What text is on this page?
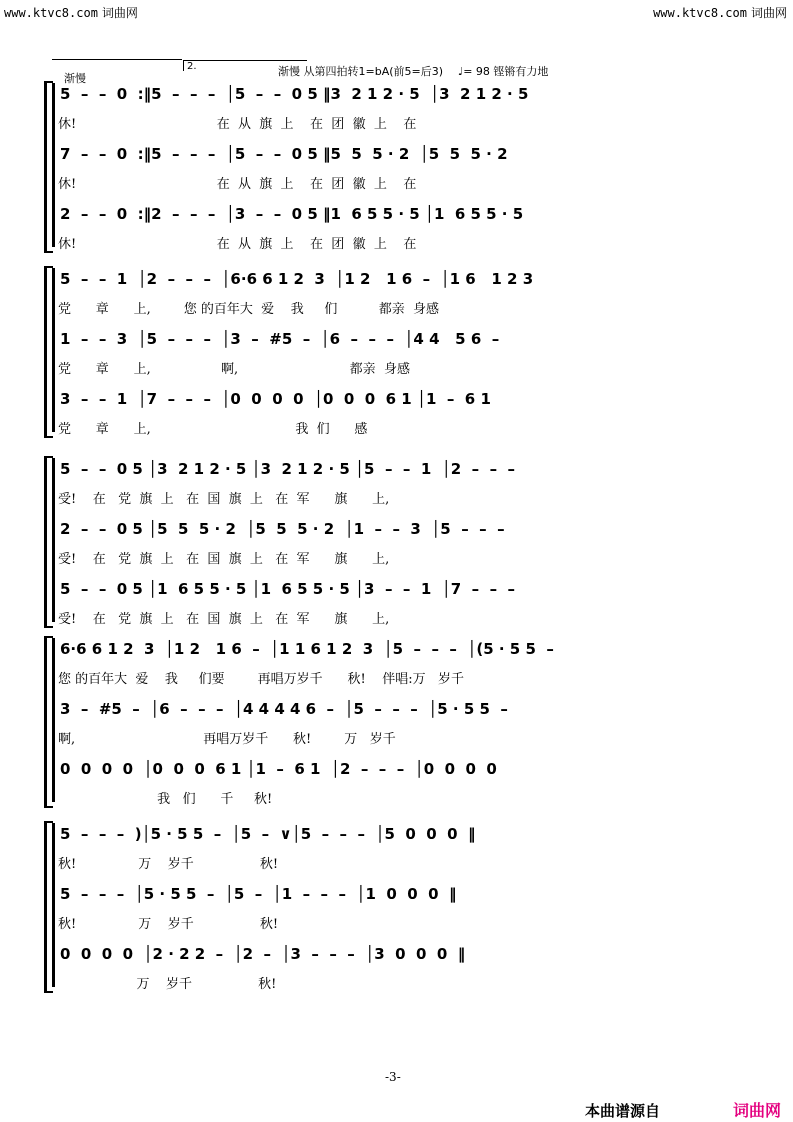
www.ktvc8.com 词曲网	www.ktvc8.com 词曲网
2.
渐慢
渐慢 从第四拍转1=bA(前5=后3) ♩= 98 铿锵有力地
5  –  –  0  :‖5  –  –  –  │5  –  –  0 5 ‖3  2 1 2 · 5  │3  2 1 2 · 5
休!                                  在  从  旗  上    在  团  徽  上    在
7  –  –  0  :‖5  –  –  –  │5  –  –  0 5 ‖5  5  5 · 2  │5  5  5 · 2
休!                                  在  从  旗  上    在  团  徽  上    在
2  –  –  0  :‖2  –  –  –  │3  –  –  0 5 ‖1  6 5 5 · 5 │1  6 5 5 · 5
休!                                  在  从  旗  上    在  团  徽  上    在
5  –  –  1  │2  –  –  –  │6·6 6 1 2  3  │1 2   1 6  –  │1 6   1 2 3
党      章      上,        您 的百年大  爱    我     们          都亲  身感
1  –  –  3  │5  –  –  –  │3  –  #5  –  │6  –  –  –  │4 4   5 6  –
党      章      上,                 啊,                           都亲  身感
3  –  –  1  │7  –  –  –  │0  0  0  0  │0  0  0  6 1 │1  –  6 1
党      章      上,                                   我  们      感
5  –  –  0 5 │3  2 1 2 · 5 │3  2 1 2 · 5 │5  –  –  1  │2  –  –  –
受!    在   党  旗  上   在  国  旗  上   在  军      旗      上,
2  –  –  0 5 │5  5  5 · 2  │5  5  5 · 2  │1  –  –  3  │5  –  –  –
受!    在   党  旗  上   在  国  旗  上   在  军      旗      上,
5  –  –  0 5 │1  6 5 5 · 5 │1  6 5 5 · 5 │3  –  –  1  │7  –  –  –
受!    在   党  旗  上   在  国  旗  上   在  军      旗      上,
6·6 6 1 2  3  │1 2   1 6  –  │1 1 6 1 2  3  │5  –  –  –  │(5 · 5 5  –
您 的百年大  爱    我     们要        再唱万岁千      秋!    伴唱:万   岁千
3  –  #5  –  │6  –  –  –  │4 4 4 4 6  –  │5  –  –  –  │5 · 5 5  –
啊,                               再唱万岁千      秋!        万   岁千
0  0  0  0  │0  0  0  6 1 │1  –  6 1  │2  –  –  –  │0  0  0  0
我   们      千     秋!
5  –  –  –  )│5 · 5 5  –  │5  –  ∨│5  –  –  –  │5  0  0  0  ‖
秋!               万    岁千                秋!
5  –  –  –  │5 · 5 5  –  │5  –  │1  –  –  –  │1  0  0  0  ‖
秋!               万    岁千                秋!
0  0  0  0  │2 · 2 2  –  │2  –  │3  –  –  –  │3  0  0  0  ‖
万    岁千                秋!
-3-
本曲谱源自	词曲网
